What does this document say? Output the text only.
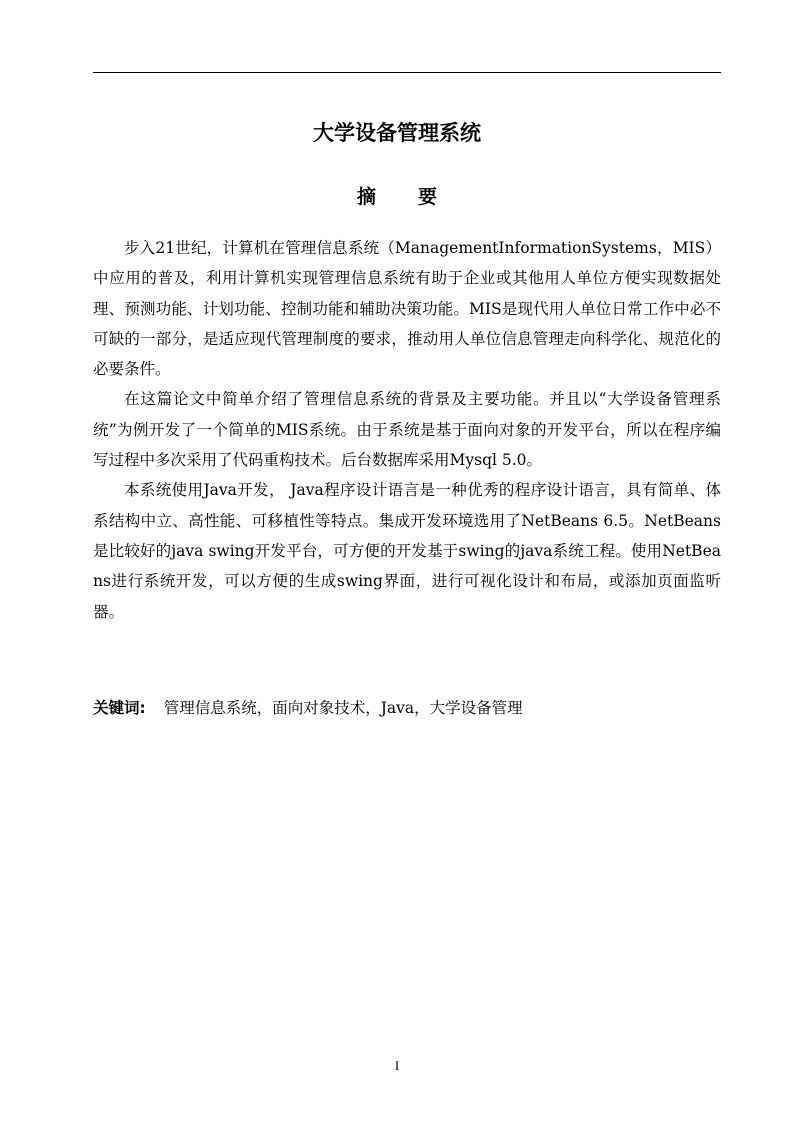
大学设备管理系统
摘要

步入21世纪，计算机在管理信息系统（ManagementInformationSystems，MIS）中应用的普及，利用计算机实现管理信息系统有助于企业或其他用人单位方便实现数据处理、预测功能、计划功能、控制功能和辅助决策功能。MIS是现代用人单位日常工作中必不可缺的一部分，是适应现代管理制度的要求，推动用人单位信息管理走向科学化、规范化的必要条件。

在这篇论文中简单介绍了管理信息系统的背景及主要功能。并且以“大学设备管理系统”为例开发了一个简单的MIS系统。由于系统是基于面向对象的开发平台，所以在程序编写过程中多次采用了代码重构技术。后台数据库采用Mysql 5.0。

本系统使用Java开发， Java程序设计语言是一种优秀的程序设计语言，具有简单、体系结构中立、高性能、可移植性等特点。集成开发环境选用了NetBeans 6.5。NetBeans是比较好的java swing开发平台，可方便的开发基于swing的java系统工程。使用NetBeans进行系统开发，可以方便的生成swing界面，进行可视化设计和布局，或添加页面监听器。

关键词: 管理信息系统，面向对象技术，Java，大学设备管理
I
